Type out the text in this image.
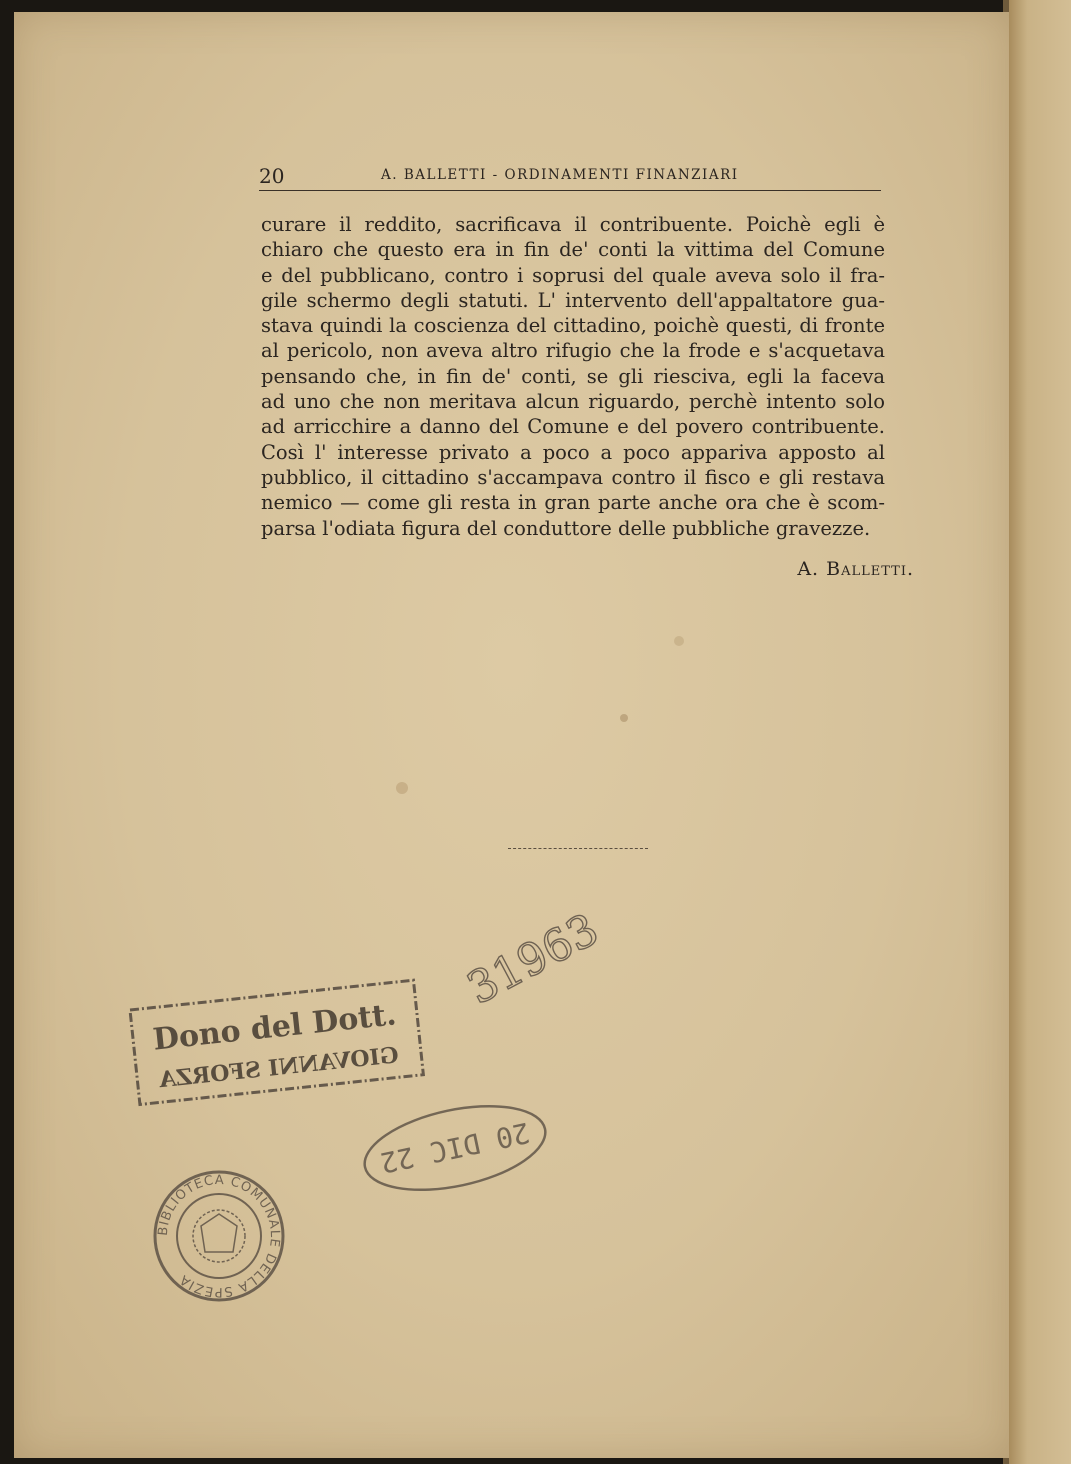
20	A. BALLETTI - ORDINAMENTI FINANZIARI
curare il reddito, sacrificava il contribuente. Poichè egli è
chiaro che questo era in fin de' conti la vittima del Comune
e del pubblicano, contro i soprusi del quale aveva solo il fra-
gile schermo degli statuti. L' intervento dell'appaltatore gua-
stava quindi la coscienza del cittadino, poichè questi, di fronte
al pericolo, non aveva altro rifugio che la frode e s'acquetava
pensando che, in fin de' conti, se gli riesciva, egli la faceva
ad uno che non meritava alcun riguardo, perchè intento solo
ad arricchire a danno del Comune e del povero contribuente.
Così l' interesse privato a poco a poco appariva apposto al
pubblico, il cittadino s'accampava contro il fisco e gli restava
nemico — come gli resta in gran parte anche ora che è scom-
parsa l'odiata figura del conduttore delle pubbliche gravezze.
A. Balletti.
31963
Dono del Dott.
GIOVANNI SFORZA
20 DIC 22
BIBLIOTECA COMUNALE DELLA SPEZIA
